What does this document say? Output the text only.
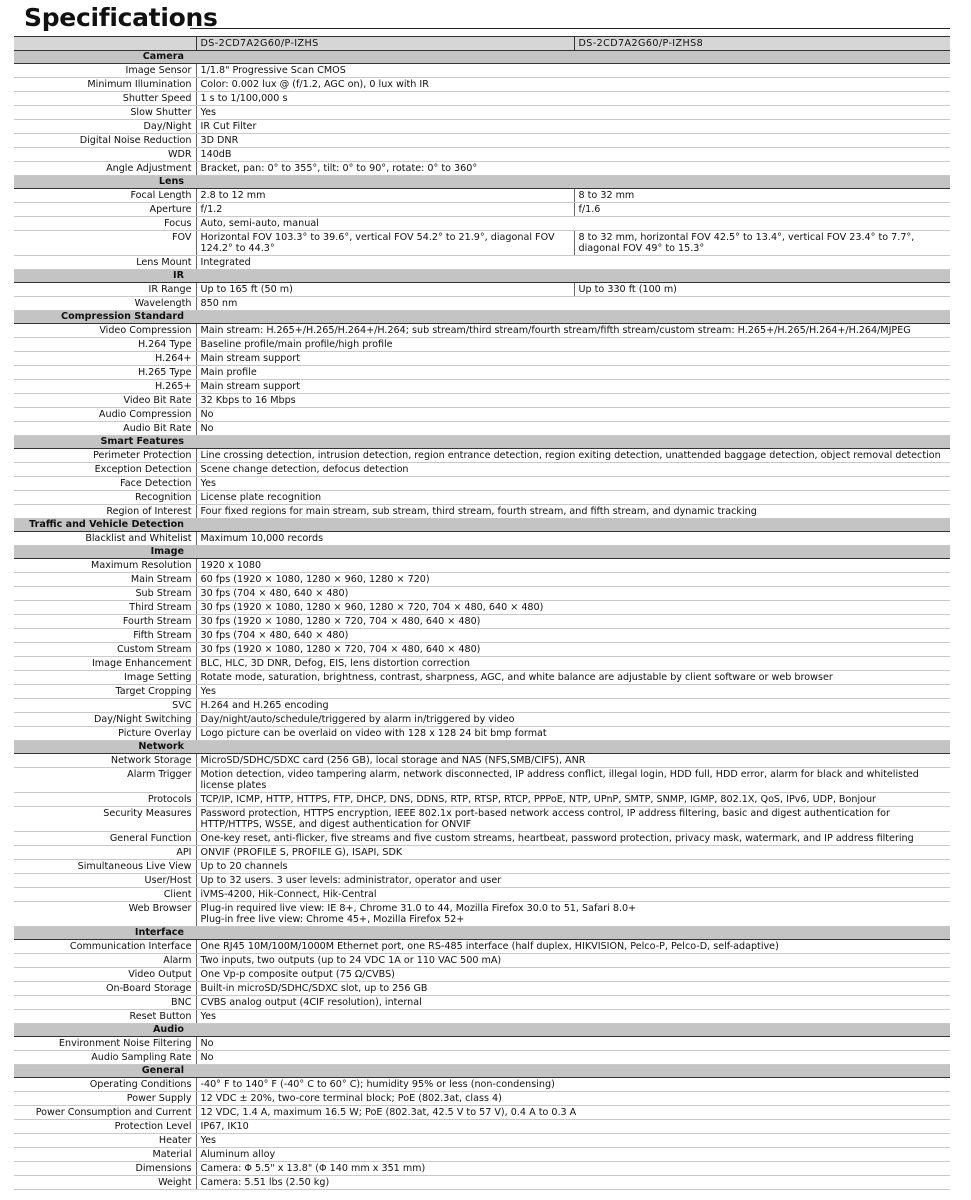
Specifications
	DS-2CD7A2G60/P-IZHS	DS-2CD7A2G60/P-IZHS8
Camera		
Image Sensor	1/1.8" Progressive Scan CMOS	
Minimum Illumination	Color: 0.002 lux @ (f/1.2, AGC on), 0 lux with IR	
Shutter Speed	1 s to 1/100,000 s	
Slow Shutter	Yes	
Day/Night	IR Cut Filter	
Digital Noise Reduction	3D DNR	
WDR	140dB	
Angle Adjustment	Bracket, pan: 0° to 355°, tilt: 0° to 90°, rotate: 0° to 360°	
Lens		
Focal Length	2.8 to 12 mm	8 to 32 mm
Aperture	f/1.2	f/1.6
Focus	Auto, semi-auto, manual	
FOV	Horizontal FOV 103.3° to 39.6°, vertical FOV 54.2° to 21.9°, diagonal FOV 124.2° to 44.3°	8 to 32 mm, horizontal FOV 42.5° to 13.4°, vertical FOV 23.4° to 7.7°, diagonal FOV 49° to 15.3°
Lens Mount	Integrated	
IR		
IR Range	Up to 165 ft (50 m)	Up to 330 ft (100 m)
Wavelength	850 nm	
Compression Standard		
Video Compression	Main stream: H.265+/H.265/H.264+/H.264; sub stream/third stream/fourth stream/fifth stream/custom stream: H.265+/H.265/H.264+/H.264/MJPEG	
H.264 Type	Baseline profile/main profile/high profile	
H.264+	Main stream support	
H.265 Type	Main profile	
H.265+	Main stream support	
Video Bit Rate	32 Kbps to 16 Mbps	
Audio Compression	No	
Audio Bit Rate	No	
Smart Features		
Perimeter Protection	Line crossing detection, intrusion detection, region entrance detection, region exiting detection, unattended baggage detection, object removal detection	
Exception Detection	Scene change detection, defocus detection	
Face Detection	Yes	
Recognition	License plate recognition	
Region of Interest	Four fixed regions for main stream, sub stream, third stream, fourth stream, and fifth stream, and dynamic tracking	
Traffic and Vehicle Detection		
Blacklist and Whitelist	Maximum 10,000 records	
Image		
Maximum Resolution	1920 x 1080	
Main Stream	60 fps (1920 × 1080, 1280 × 960, 1280 × 720)	
Sub Stream	30 fps (704 × 480, 640 × 480)	
Third Stream	30 fps (1920 × 1080, 1280 × 960, 1280 × 720, 704 × 480, 640 × 480)	
Fourth Stream	30 fps (1920 × 1080, 1280 × 720, 704 × 480, 640 × 480)	
Fifth Stream	30 fps (704 × 480, 640 × 480)	
Custom Stream	30 fps (1920 × 1080, 1280 × 720, 704 × 480, 640 × 480)	
Image Enhancement	BLC, HLC, 3D DNR, Defog, EIS, lens distortion correction	
Image Setting	Rotate mode, saturation, brightness, contrast, sharpness, AGC, and white balance are adjustable by client software or web browser	
Target Cropping	Yes	
SVC	H.264 and H.265 encoding	
Day/Night Switching	Day/night/auto/schedule/triggered by alarm in/triggered by video	
Picture Overlay	Logo picture can be overlaid on video with 128 x 128 24 bit bmp format	
Network		
Network Storage	MicroSD/SDHC/SDXC card (256 GB), local storage and NAS (NFS,SMB/CIFS), ANR	
Alarm Trigger	Motion detection, video tampering alarm, network disconnected, IP address conflict, illegal login, HDD full, HDD error, alarm for black and whitelisted license plates	
Protocols	TCP/IP, ICMP, HTTP, HTTPS, FTP, DHCP, DNS, DDNS, RTP, RTSP, RTCP, PPPoE, NTP, UPnP, SMTP, SNMP, IGMP, 802.1X, QoS, IPv6, UDP, Bonjour	
Security Measures	Password protection, HTTPS encryption, IEEE 802.1x port-based network access control, IP address filtering, basic and digest authentication for HTTP/HTTPS, WSSE, and digest authentication for ONVIF	
General Function	One-key reset, anti-flicker, five streams and five custom streams, heartbeat, password protection, privacy mask, watermark, and IP address filtering	
API	ONVIF (PROFILE S, PROFILE G), ISAPI, SDK	
Simultaneous Live View	Up to 20 channels	
User/Host	Up to 32 users. 3 user levels: administrator, operator and user	
Client	iVMS-4200, Hik-Connect, Hik-Central	
Web Browser	Plug-in required live view: IE 8+, Chrome 31.0 to 44, Mozilla Firefox 30.0 to 51, Safari 8.0+
Plug-in free live view: Chrome 45+, Mozilla Firefox 52+	

Interface		
Communication Interface	One RJ45 10M/100M/1000M Ethernet port, one RS-485 interface (half duplex, HIKVISION, Pelco-P, Pelco-D, self-adaptive)	
Alarm	Two inputs, two outputs (up to 24 VDC 1A or 110 VAC 500 mA)	
Video Output	One Vp-p composite output (75 Ω/CVBS)	
On-Board Storage	Built-in microSD/SDHC/SDXC slot, up to 256 GB	
BNC	CVBS analog output (4CIF resolution), internal	
Reset Button	Yes	
Audio		
Environment Noise Filtering	No	
Audio Sampling Rate	No	
General		
Operating Conditions	-40° F to 140° F (-40° C to 60° C); humidity 95% or less (non-condensing)	
Power Supply	12 VDC ± 20%, two-core terminal block; PoE (802.3at, class 4)	
Power Consumption and Current	12 VDC, 1.4 A, maximum 16.5 W; PoE (802.3at, 42.5 V to 57 V), 0.4 A to 0.3 A	
Protection Level	IP67, IK10	
Heater	Yes	
Material	Aluminum alloy	
Dimensions	Camera: Φ 5.5" x 13.8" (Φ 140 mm x 351 mm)	
Weight	Camera: 5.51 lbs (2.50 kg)	
